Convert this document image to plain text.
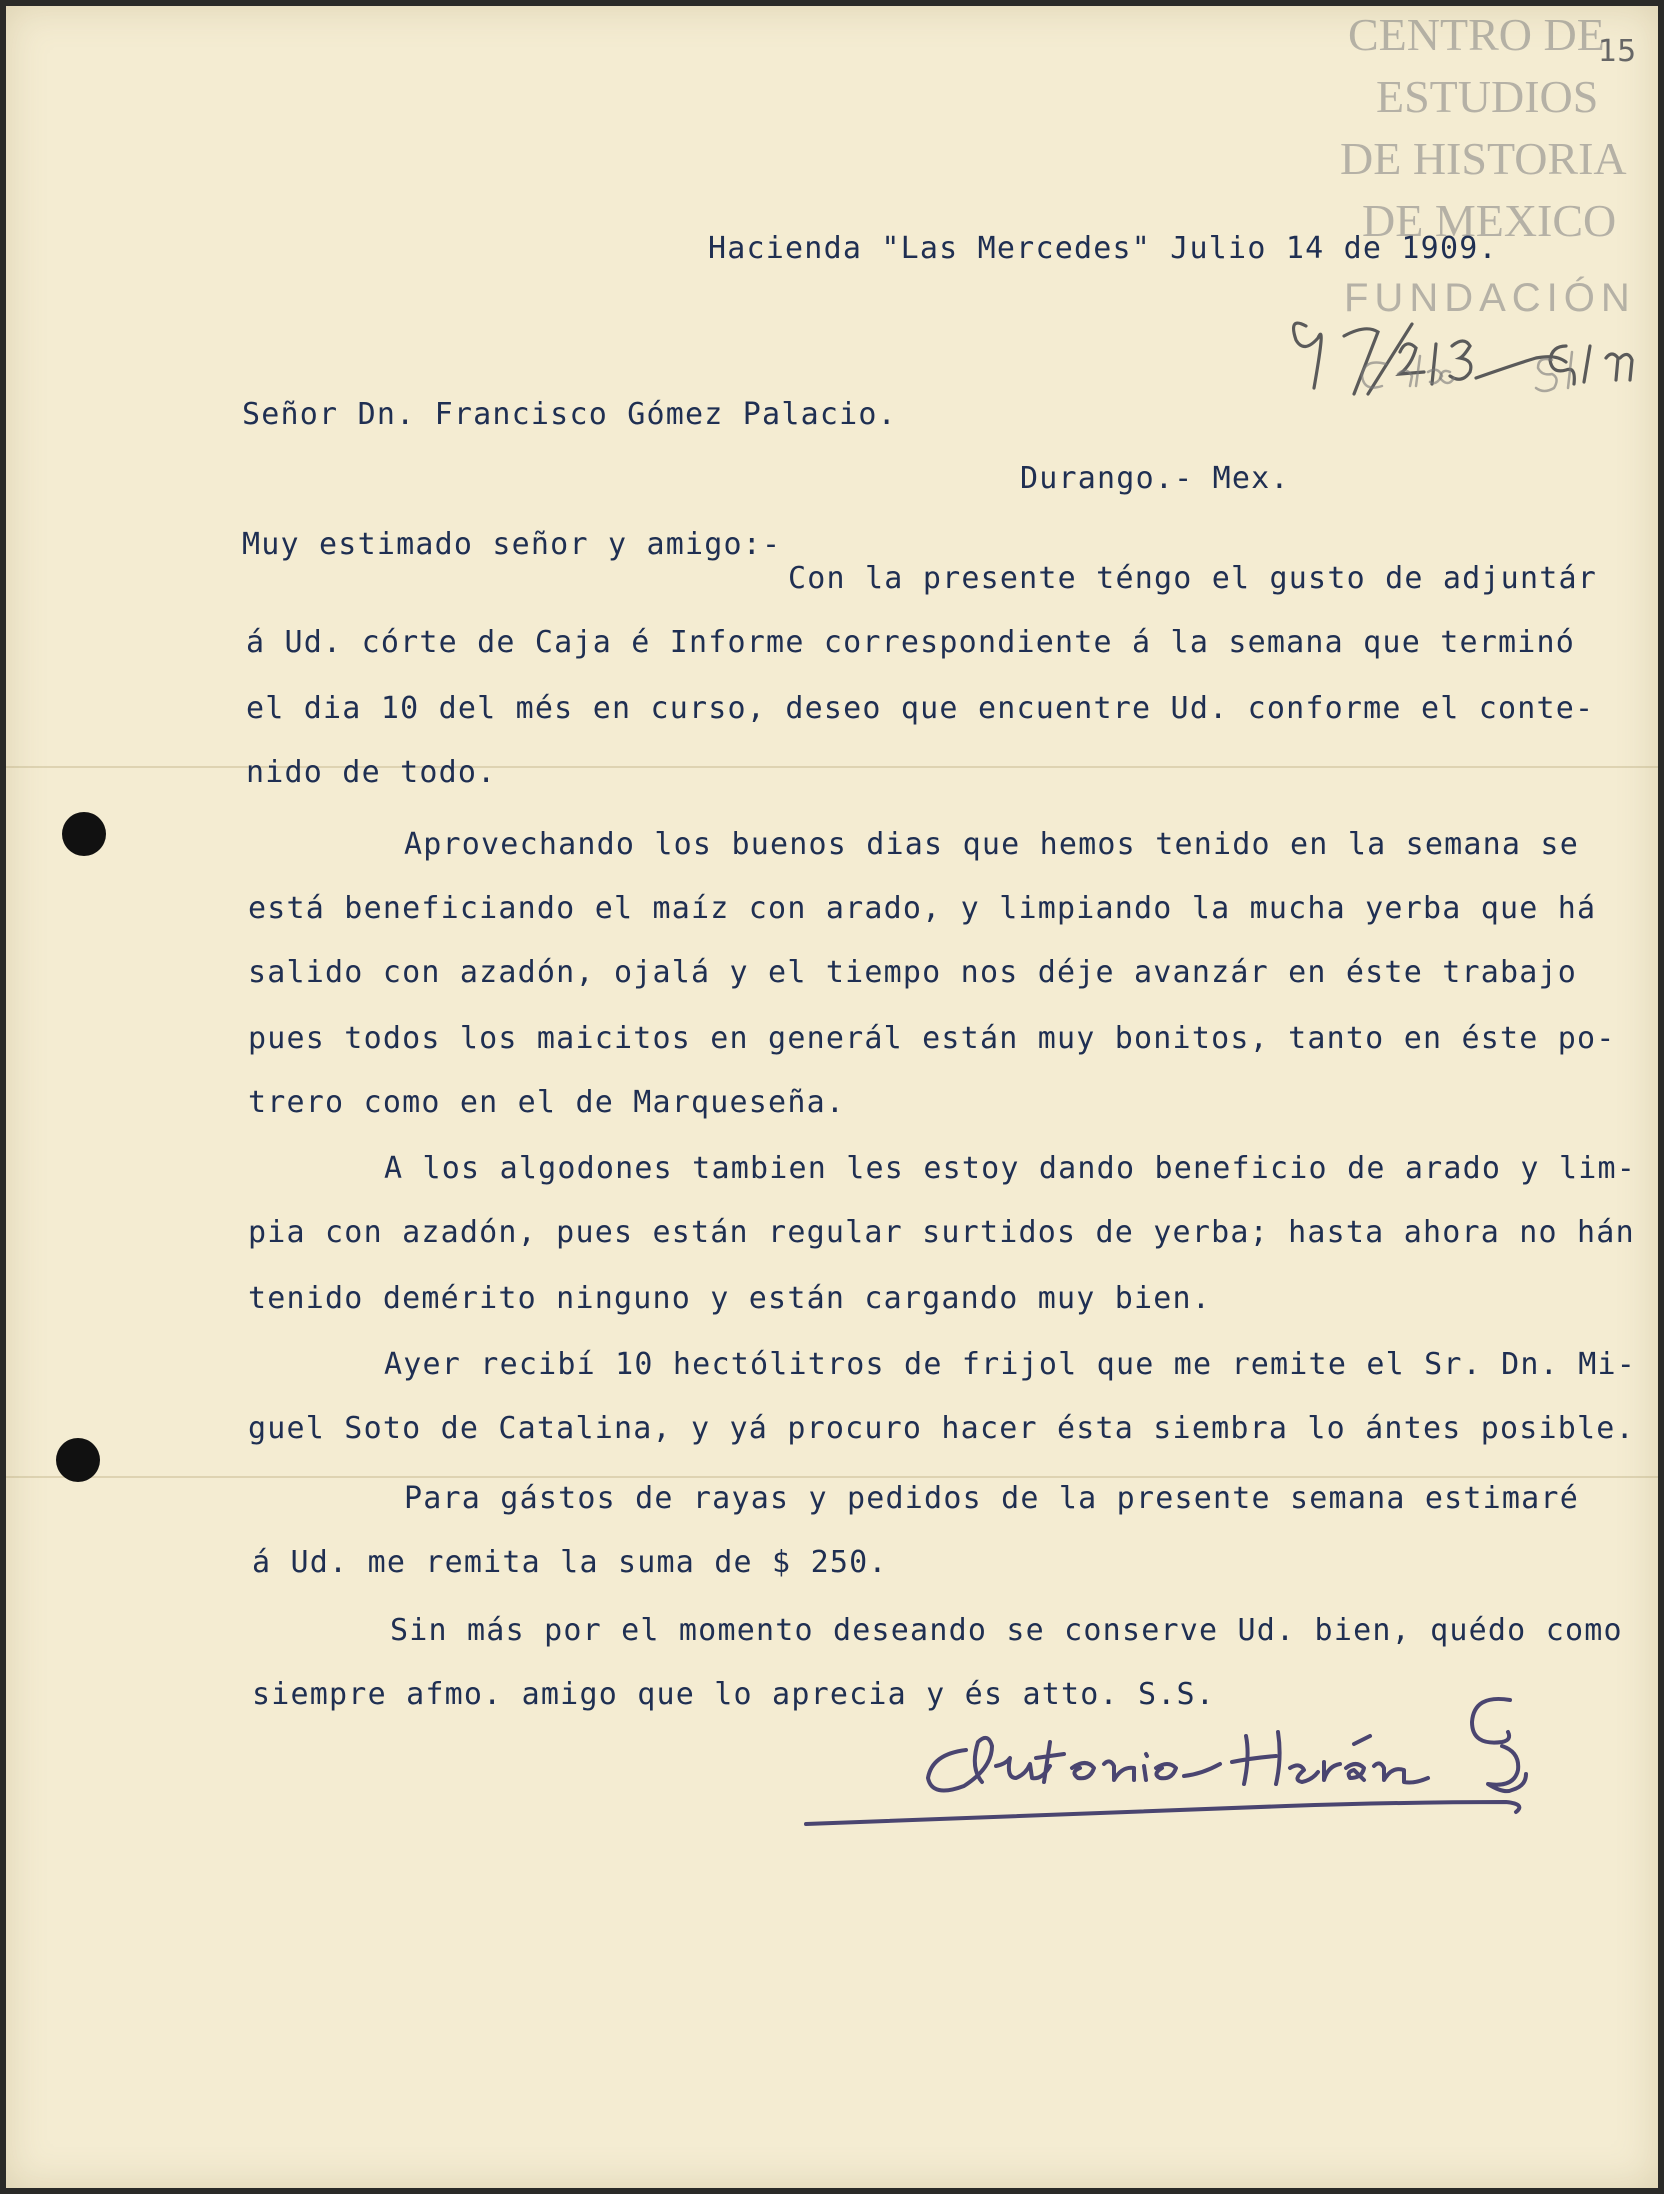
CENTRO DE
ESTUDIOS
DE HISTORIA
DE MEXICO
FUNDACIÓN
15
Hacienda "Las Mercedes" Julio 14 de 1909.
Señor Dn. Francisco Gómez Palacio.
Durango.- Mex.
Muy estimado señor y amigo:-
Con la presente téngo el gusto de adjuntár
á Ud. córte de Caja é Informe correspondiente á la semana que terminó
el dia 10 del més en curso, deseo que encuentre Ud. conforme el conte-
nido de todo.
Aprovechando los buenos dias que hemos tenido en la semana se
está beneficiando el maíz con arado, y limpiando la mucha yerba que há
salido con azadón, ojalá y el tiempo nos déje avanzár en éste trabajo
pues todos los maicitos en generál están muy bonitos, tanto en éste po-
trero como en el de Marqueseña.
A los algodones tambien les estoy dando beneficio de arado y lim-
pia con azadón, pues están regular surtidos de yerba; hasta ahora no hán
tenido demérito ninguno y están cargando muy bien.
Ayer recibí 10 hectólitros de frijol que me remite el Sr. Dn. Mi-
guel Soto de Catalina, y yá procuro hacer ésta siembra lo ántes posible.
Para gástos de rayas y pedidos de la presente semana estimaré
á Ud. me remita la suma de $ 250.
Sin más por el momento deseando se conserve Ud. bien, quédo como
siempre afmo. amigo que lo aprecia y és atto. S.S.
